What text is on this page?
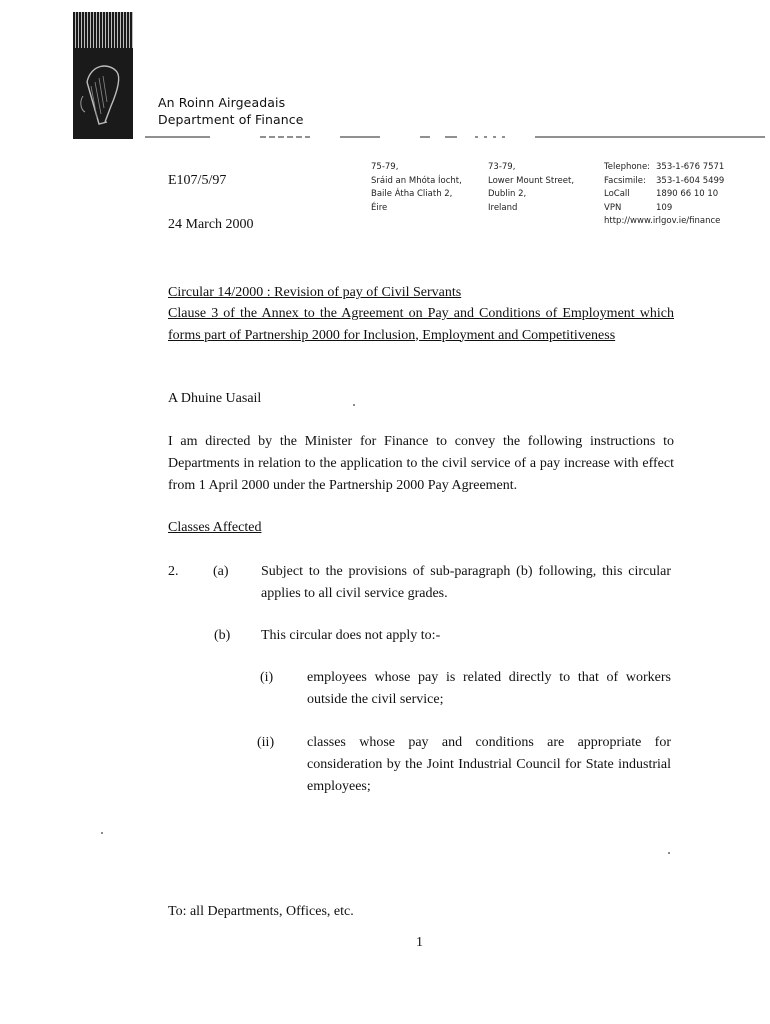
An Roinn Airgeadais
Department of Finance
E107/5/97
24 March 2000
75-79,
Sráid an Mhóta Íocht,
Baile Átha Cliath 2,
Éire
73-79,
Lower Mount Street,
Dublin 2,
Ireland
Telephone: 353-1-676 7571
Facsimile:	353-1-604 5499
LoCall	1890 66 10 10
VPN	109
http://www.irlgov.ie/finance
Circular 14/2000 : Revision of pay of Civil Servants
Clause 3 of the Annex to the Agreement on Pay and Conditions of Employment which forms part of Partnership 2000 for Inclusion, Employment and Competitiveness
A Dhuine Uasail
I am directed by the Minister for Finance to convey the following instructions to Departments in relation to the application to the civil service of a pay increase with effect from 1 April 2000 under the Partnership 2000 Pay Agreement.
Classes Affected
2. (a) Subject to the provisions of sub-paragraph (b) following, this circular applies to all civil service grades.
(b) This circular does not apply to:-
(i) employees whose pay is related directly to that of workers outside the civil service;
(ii) classes whose pay and conditions are appropriate for consideration by the Joint Industrial Council for State industrial employees;
To: all Departments, Offices, etc.
1
